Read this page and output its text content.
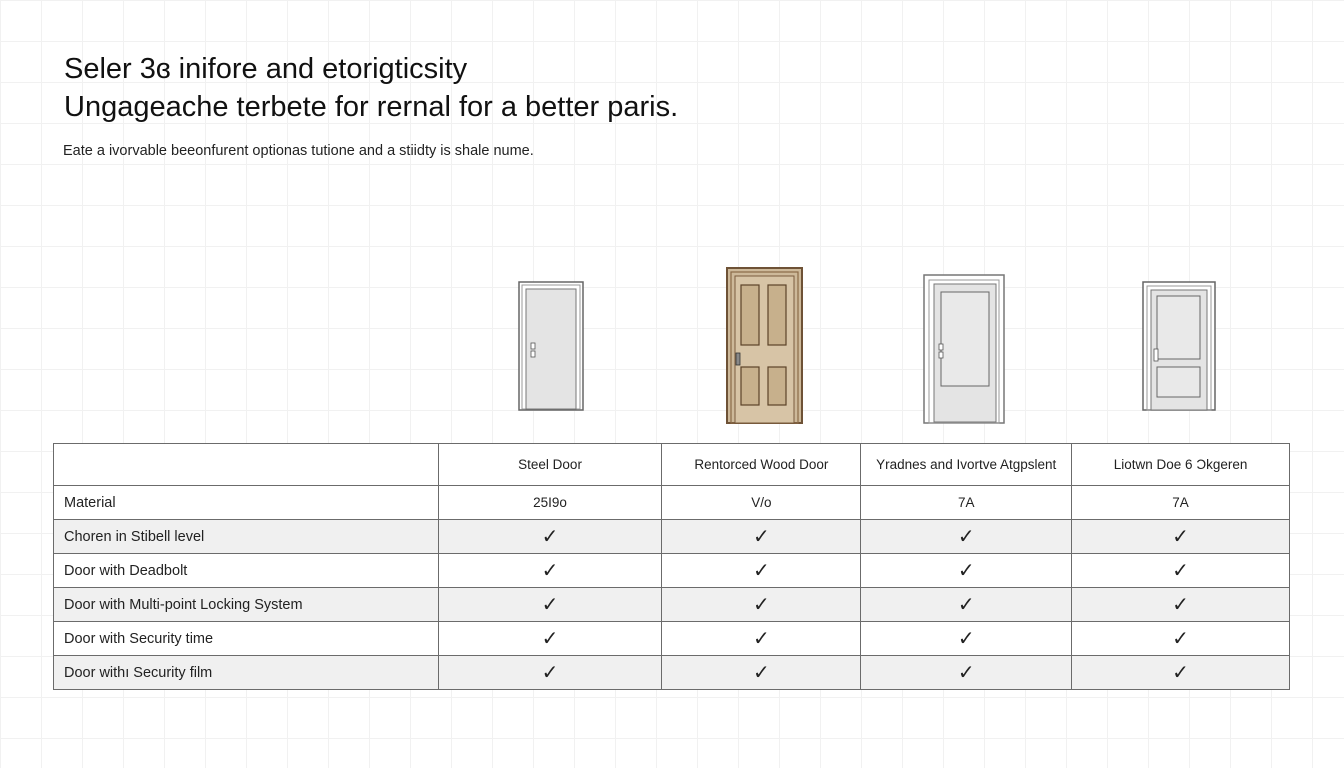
Seler 3ɞ inifore and etorigticsity
Ungageache terbete for rernal for a better paris.

Eate a ivorvable beeonfurent optionas tutione and a stiidty is shale nume.

	Steel Door	Rentorced Wood Door	Yradnes and Ivortve Atgpslent	Liotwn Doe 6 Ɔkgeren
Material	25I9o	V/o	7A	7A
Choren in Stibell level	✓	✓	✓	✓
Door with Deadbolt	✓	✓	✓	✓
Door with Multi-point Locking System	✓	✓	✓	✓
Door with Security time	✓	✓	✓	✓
Door withı Security film	✓	✓	✓	✓
